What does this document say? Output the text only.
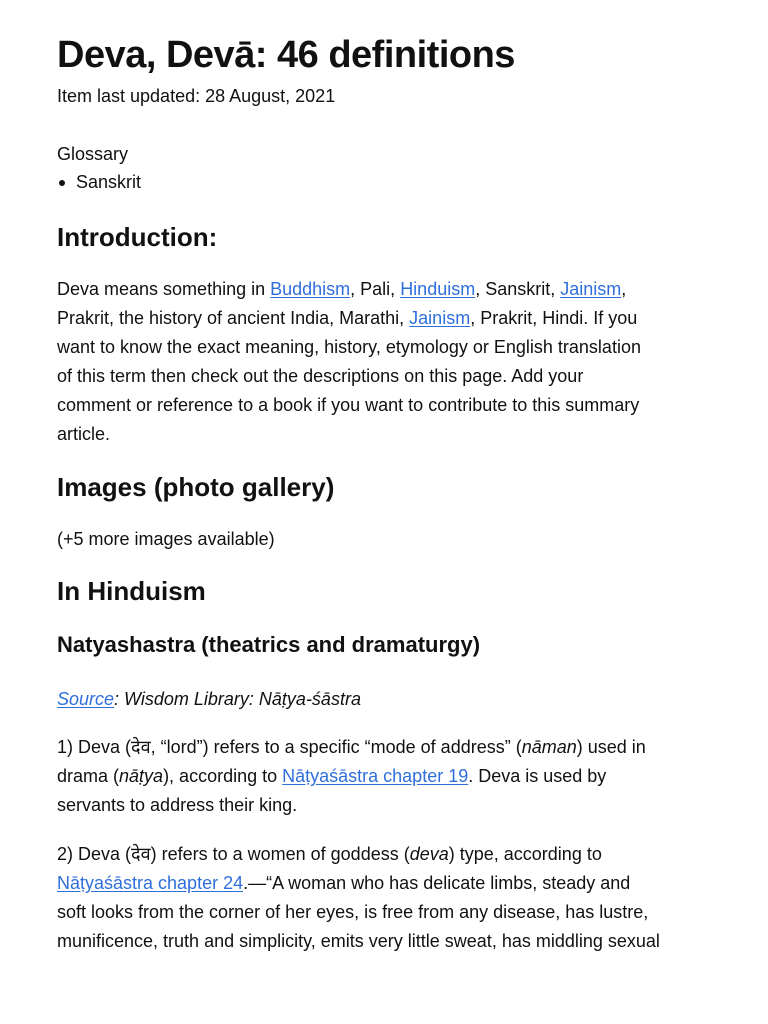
Deva, Devā: 46 definitions
Item last updated: 28 August, 2021
Glossary
Sanskrit
Introduction:
Deva means something in Buddhism, Pali, Hinduism, Sanskrit, Jainism,
Prakrit, the history of ancient India, Marathi, Jainism, Prakrit, Hindi. If you
want to know the exact meaning, history, etymology or English translation
of this term then check out the descriptions on this page. Add your
comment or reference to a book if you want to contribute to this summary
article.
Images (photo gallery)
(+5 more images available)
In Hinduism
Natyashastra (theatrics and dramaturgy)
Source: Wisdom Library: Nāṭya-śāstra
1) Deva (देव, “lord”) refers to a specific “mode of address” (nāman) used in
drama (nāṭya), according to Nāṭyaśāstra chapter 19. Deva is used by
servants to address their king.
2) Deva (देव) refers to a women of goddess (deva) type, according to
Nāṭyaśāstra chapter 24.—“A woman who has delicate limbs, steady and
soft looks from the corner of her eyes, is free from any disease, has lustre,
munificence, truth and simplicity, emits very little sweat, has middling sexual
